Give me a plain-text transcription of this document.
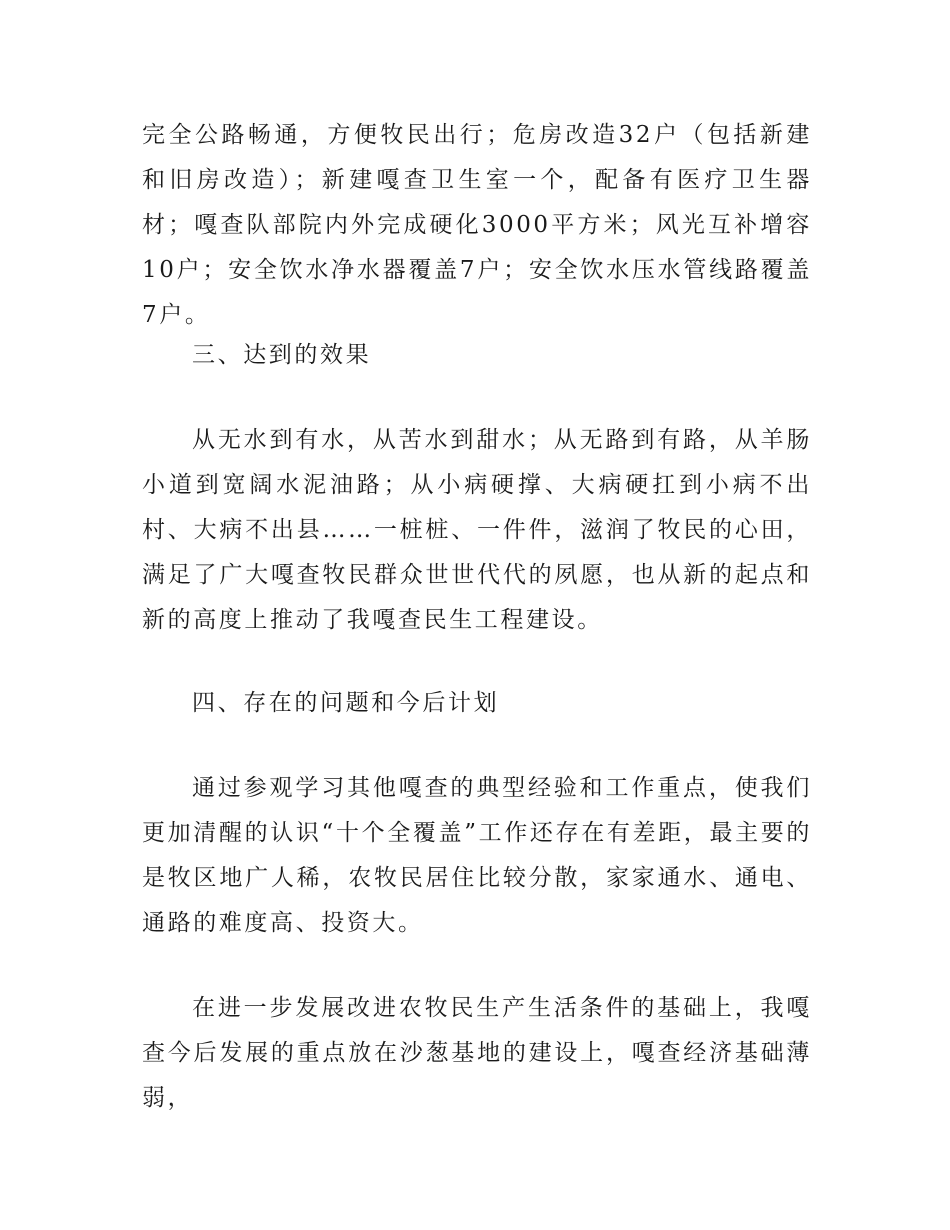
完全公路畅通，方便牧民出行；危房改造32户（包括新建和旧房改造）；新建嘎查卫生室一个，配备有医疗卫生器材；嘎查队部院内外完成硬化3000平方米；风光互补增容10户；安全饮水净水器覆盖7户；安全饮水压水管线路覆盖7户。

三、达到的效果

从无水到有水，从苦水到甜水；从无路到有路，从羊肠小道到宽阔水泥油路；从小病硬撑、大病硬扛到小病不出村、大病不出县……一桩桩、一件件，滋润了牧民的心田，满足了广大嘎查牧民群众世世代代的夙愿，也从新的起点和新的高度上推动了我嘎查民生工程建设。

四、存在的问题和今后计划

通过参观学习其他嘎查的典型经验和工作重点，使我们更加清醒的认识“十个全覆盖”工作还存在有差距，最主要的是牧区地广人稀，农牧民居住比较分散，家家通水、通电、通路的难度高、投资大。

在进一步发展改进农牧民生产生活条件的基础上，我嘎查今后发展的重点放在沙葱基地的建设上，嘎查经济基础薄弱，
